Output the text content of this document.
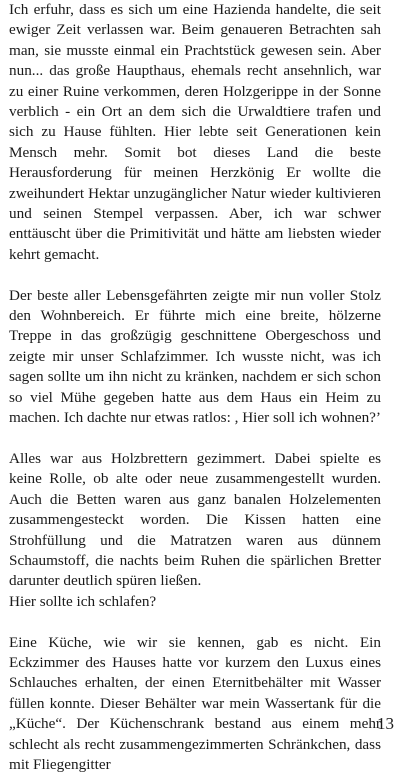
Ich erfuhr, dass es sich um eine Hazienda handelte, die seit ewiger Zeit verlassen war. Beim genaueren Betrachten sah man, sie musste einmal ein Prachtstück gewesen sein. Aber nun... das große Haupthaus, ehemals recht ansehnlich, war zu einer Ruine verkommen, deren Holzgerippe in der Sonne verblich - ein Ort an dem sich die Urwaldtiere trafen und sich zu Hause fühlten. Hier lebte seit Generationen kein Mensch mehr. Somit bot dieses Land die beste Herausforderung für meinen Herzkönig Er wollte die zweihundert Hektar unzugänglicher Natur wieder kultivieren und seinen Stempel verpassen. Aber, ich war schwer enttäuscht über die Primitivität und hätte am liebsten wieder kehrt gemacht.

Der beste aller Lebensgefährten zeigte mir nun voller Stolz den Wohnbereich. Er führte mich eine breite, hölzerne Treppe in das großzügig geschnittene Obergeschoss und zeigte mir unser Schlafzimmer. Ich wusste nicht, was ich sagen sollte um ihn nicht zu kränken, nachdem er sich schon so viel Mühe gegeben hatte aus dem Haus ein Heim zu machen. Ich dachte nur etwas ratlos: , Hier soll ich wohnen?’

Alles war aus Holzbrettern gezimmert. Dabei spielte es keine Rolle, ob alte oder neue zusammengestellt wurden. Auch die Betten waren aus ganz banalen Holzelementen zusammengesteckt worden. Die Kissen hatten eine Strohfüllung und die Matratzen waren aus dünnem Schaumstoff, die nachts beim Ruhen die spärlichen Bretter darunter deutlich spüren ließen.

Hier sollte ich schlafen?

Eine Küche, wie wir sie kennen, gab es nicht. Ein Eckzimmer des Hauses hatte vor kurzem den Luxus eines Schlauches erhalten, der einen Eternitbehälter mit Wasser füllen konnte. Dieser Behälter war mein Wassertank für die „Küche“. Der Küchenschrank bestand aus einem mehr schlecht als recht zusammengezimmerten Schränkchen, dass mit Fliegengitter

13
